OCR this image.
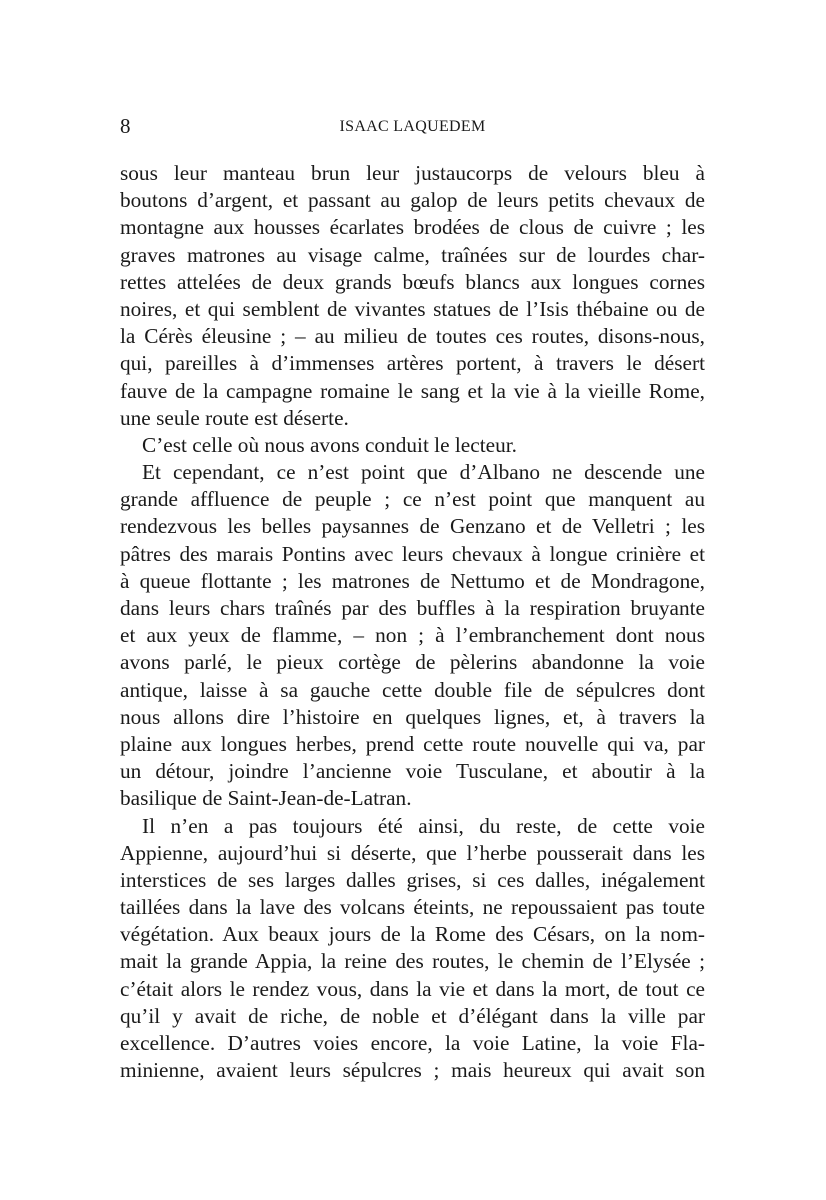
8	ISAAC LAQUEDEM
sous leur manteau brun leur justaucorps de velours bleu à
boutons d’argent, et passant au galop de leurs petits chevaux de
montagne aux housses écarlates brodées de clous de cuivre ; les
graves matrones au visage calme, traînées sur de lourdes char-
rettes attelées de deux grands bœufs blancs aux longues cornes
noires, et qui semblent de vivantes statues de l’Isis thébaine ou de
la Cérès éleusine ; – au milieu de toutes ces routes, disons-nous,
qui, pareilles à d’immenses artères portent, à travers le désert
fauve de la campagne romaine le sang et la vie à la vieille Rome,
une seule route est déserte.
C’est celle où nous avons conduit le lecteur.
Et cependant, ce n’est point que d’Albano ne descende une
grande affluence de peuple ; ce n’est point que manquent au
rendezvous les belles paysannes de Genzano et de Velletri ; les
pâtres des marais Pontins avec leurs chevaux à longue crinière et
à queue flottante ; les matrones de Nettumo et de Mondragone,
dans leurs chars traînés par des buffles à la respiration bruyante
et aux yeux de flamme, – non ; à l’embranchement dont nous
avons parlé, le pieux cortège de pèlerins abandonne la voie
antique, laisse à sa gauche cette double file de sépulcres dont
nous allons dire l’histoire en quelques lignes, et, à travers la
plaine aux longues herbes, prend cette route nouvelle qui va, par
un détour, joindre l’ancienne voie Tusculane, et aboutir à la
basilique de Saint-Jean-de-Latran.
Il n’en a pas toujours été ainsi, du reste, de cette voie
Appienne, aujourd’hui si déserte, que l’herbe pousserait dans les
interstices de ses larges dalles grises, si ces dalles, inégalement
taillées dans la lave des volcans éteints, ne repoussaient pas toute
végétation. Aux beaux jours de la Rome des Césars, on la nom-
mait la grande Appia, la reine des routes, le chemin de l’Elysée ;
c’était alors le rendez vous, dans la vie et dans la mort, de tout ce
qu’il y avait de riche, de noble et d’élégant dans la ville par
excellence. D’autres voies encore, la voie Latine, la voie Fla-
minienne, avaient leurs sépulcres ; mais heureux qui avait son
